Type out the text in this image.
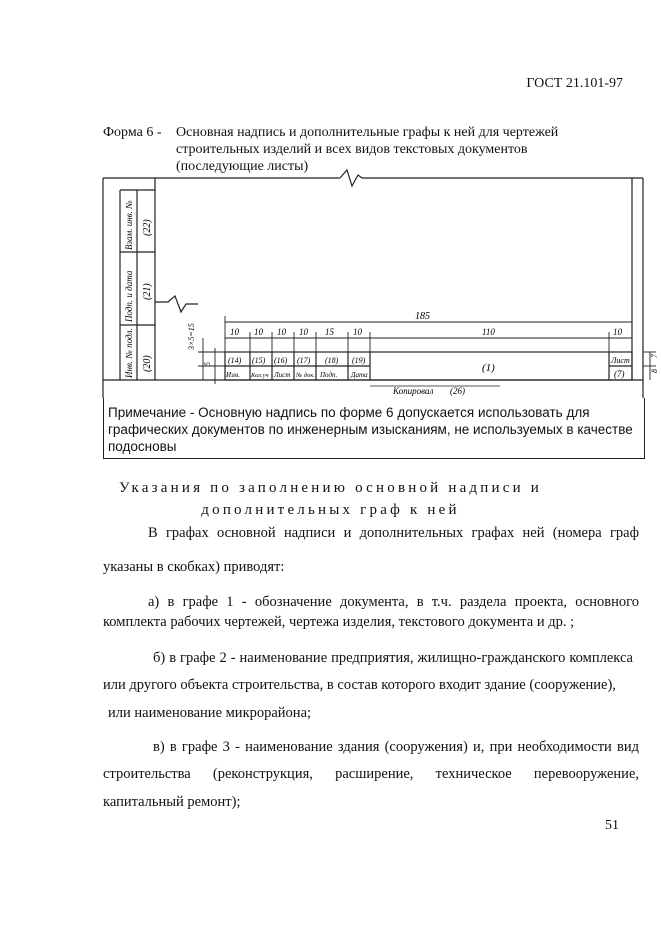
ГОСТ 21.101-97
Форма 6 - Основная надпись и дополнительные графы к ней для чертежей строительных изделий и всех видов текстовых документов (последующие листы)
Взам. инв. № (22)
Подп. и дата (21)
Инв. № подл. (20)
185
10 10 10 10 15 10	110	10
3×5=15
5
8
7
(14) (15) (16) (17) (18) (19)
Изм. Кол.уч Лист № док. Подп. Дата
(1)
Лист
(7)
Копировал (26)
Примечание - Основную надпись по форме 6 допускается использовать для графических документов по инженерным изысканиям, не используемых в качестве подосновы
Указания по заполнению основной надписи и
дополнительных граф к ней
В графах основной надписи и дополнительных графах ней (номера граф
указаны в скобках) приводят:
а) в графе 1 - обозначение документа, в т.ч. раздела проекта, основного
комплекта рабочих чертежей, чертежа изделия, текстового документа и др. ;
б) в графе 2 - наименование предприятия, жилищно-гражданского комплекса
или другого объекта строительства, в состав которого входит здание (сооружение),
или наименование микрорайона;
в) в графе 3 - наименование здания (сооружения) и, при необходимости вид
строительства (реконструкция, расширение, техническое перевооружение,
капитальный ремонт);
51
